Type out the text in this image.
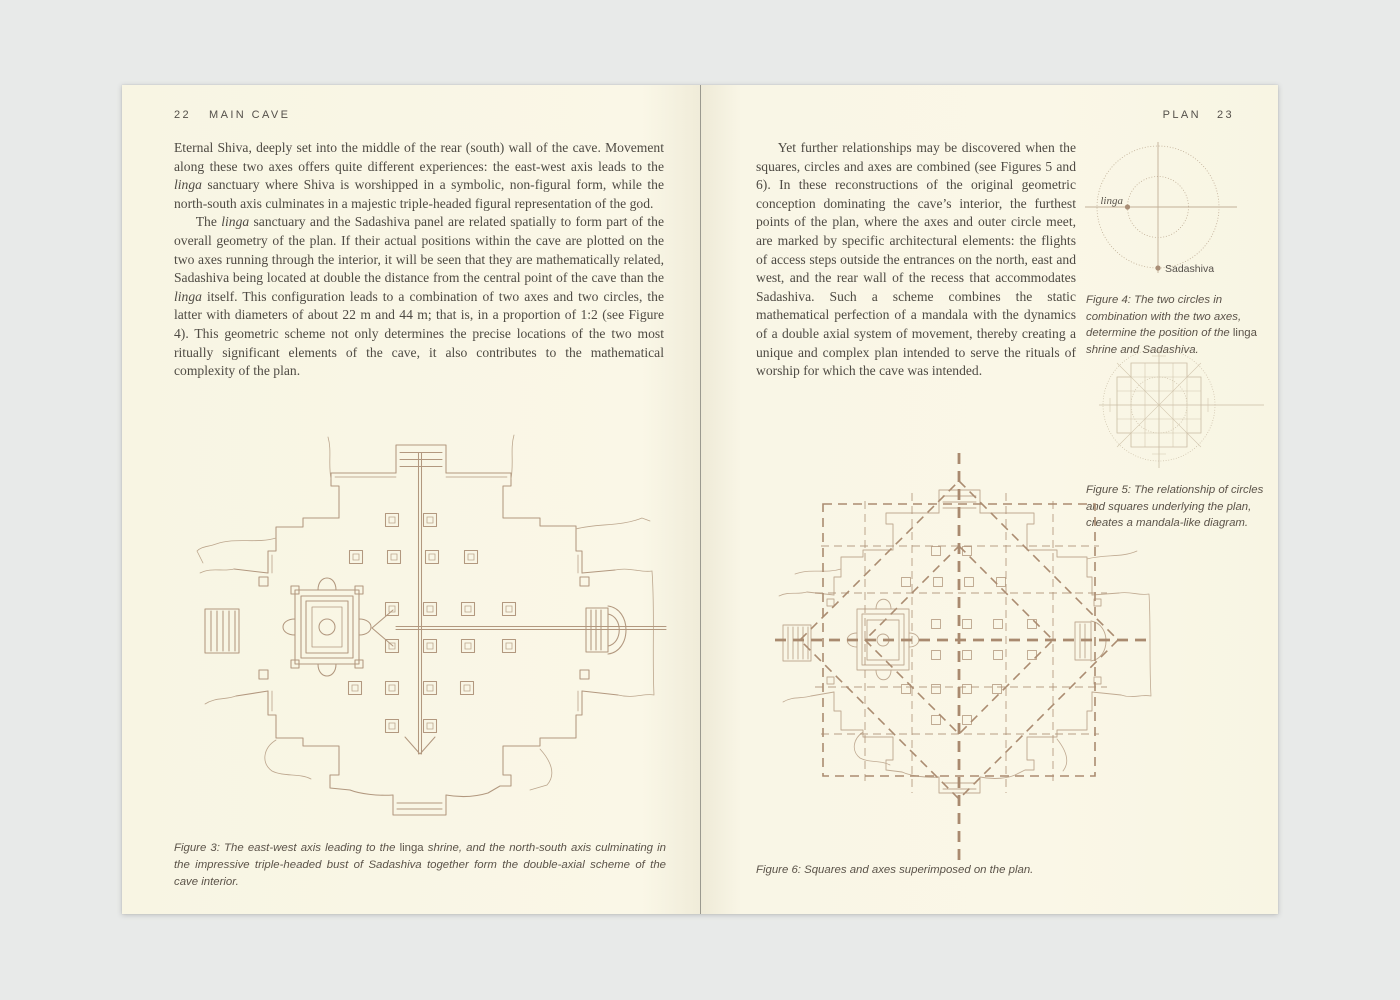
22 MAIN CAVE

Eternal Shiva, deeply set into the middle of the rear (south) wall of the cave. Movement along these two axes offers quite different experiences: the east-west axis leads to the linga sanctuary where Shiva is worshipped in a symbolic, non-figural form, while the north-south axis culminates in a majestic triple-headed figural representation of the god.

The linga sanctuary and the Sadashiva panel are related spatially to form part of the overall geometry of the plan. If their actual positions within the cave are plotted on the two axes running through the interior, it will be seen that they are mathematically related, Sadashiva being located at double the distance from the central point of the cave than the linga itself. This configuration leads to a combination of two axes and two circles, the latter with diameters of about 22 m and 44 m; that is, in a proportion of 1:2 (see Figure 4). This geometric scheme not only determines the precise locations of the two most ritually significant elements of the cave, it also contributes to the mathematical complexity of the plan.

Figure 3: The east-west axis leading to the linga shrine, and the north-south axis culminating in the impressive triple-headed bust of Sadashiva together form the double-axial scheme of the cave interior.

PLAN 23

Yet further relationships may be discovered when the squares, circles and axes are combined (see Figures 5 and 6). In these reconstructions of the original geometric conception dominating the cave’s interior, the furthest points of the plan, where the axes and outer circle meet, are marked by specific architectural elements: the flights of access steps outside the entrances on the north, east and west, and the rear wall of the recess that accommodates Sadashiva. Such a scheme combines the static mathematical perfection of a mandala with the dynamics of a double axial system of movement, thereby creating a unique and complex plan intended to serve the rituals of worship for which the cave was intended.

linga
Sadashiva

Figure 4: The two circles in combination with the two axes, determine the position of the linga shrine and Sadashiva.

Figure 5: The relationship of circles and squares underlying the plan, creates a mandala-like diagram.

Figure 6: Squares and axes superimposed on the plan.
